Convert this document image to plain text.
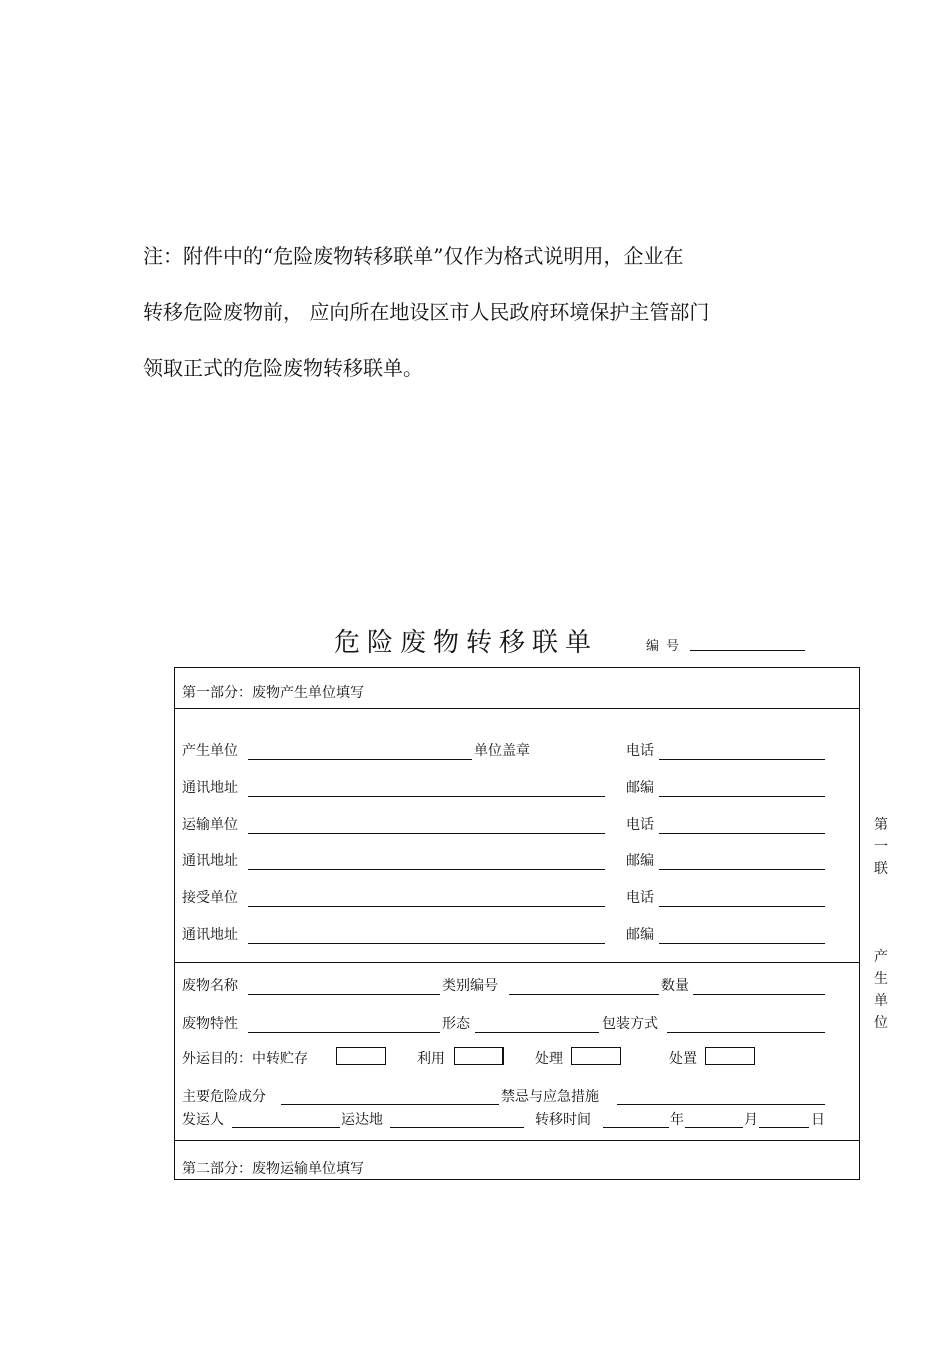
注：附件中的“危险废物转移联单”仅作为格式说明用，企业在
转移危险废物前， 应向所在地设区市人民政府环境保护主管部门
领取正式的危险废物转移联单。
危险废物转移联单	编号
第一部分：废物产生单位填写
产生单位	单位盖章	电话
通讯地址	邮编
运输单位	电话
通讯地址	邮编
接受单位	电话
通讯地址	邮编
废物名称	类别编号	数量
废物特性	形态	包装方式
外运目的：中转贮存	利用	处理	处置
主要危险成分	禁忌与应急措施
发运人	运达地	转移时间	年	月	日
第二部分：废物运输单位填写
第
一
联
产
生
单
位
